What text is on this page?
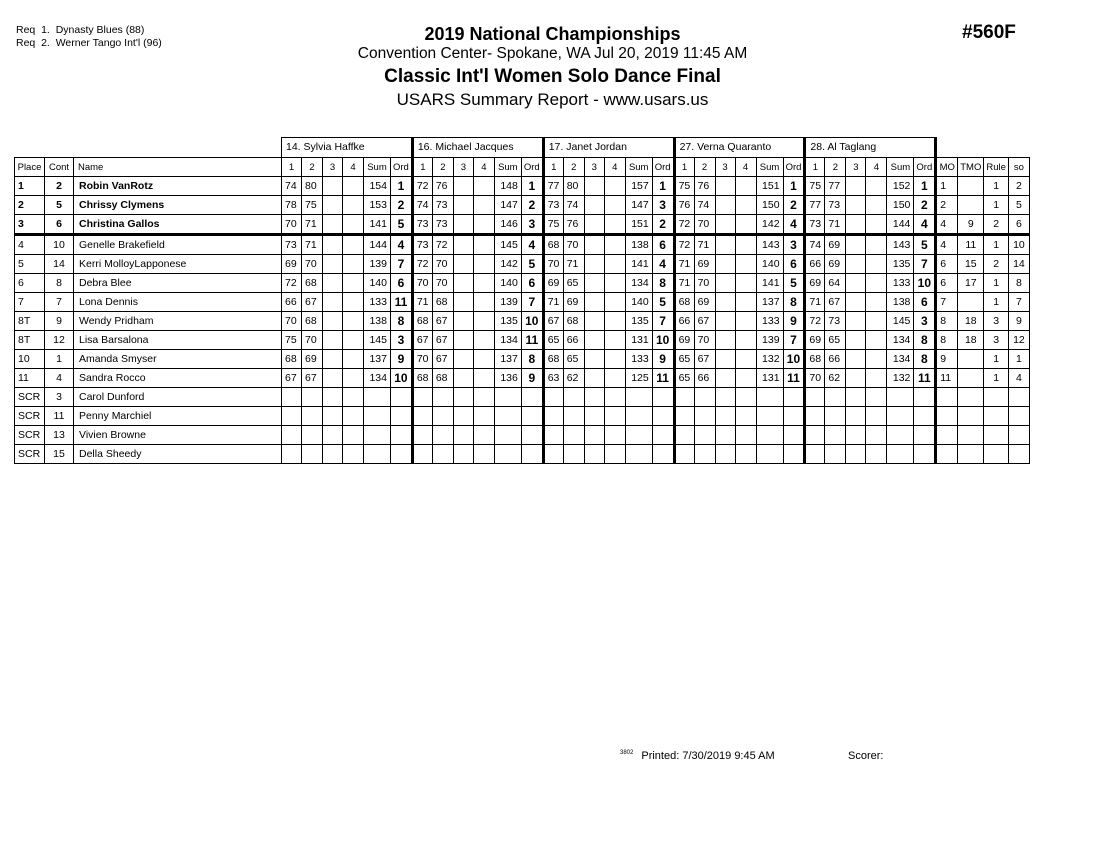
Req  1.  Dynasty Blues (88)
Req  2.  Werner Tango Int'l (96)	#560F
2019 National Championships
Convention Center- Spokane, WA Jul 20, 2019 11:45 AM
Classic Int'l Women Solo Dance Final
USARS Summary Report - www.usars.us
			14. Sylvia Haffke						16. Michael Jacques						17. Janet Jordan						27. Verna Quaranto						28. Al Taglang									
Place	Cont	Name	1	2	3	4	Sum	Ord	1	2	3	4	Sum	Ord	1	2	3	4	Sum	Ord	1	2	3	4	Sum	Ord	1	2	3	4	Sum	Ord	MO	TMO	Rule	so
1	2	Robin VanRotz	74	80			154	1	72	76			148	1	77	80			157	1	75	76			151	1	75	77			152	1	1		1	2
2	5	Chrissy Clymens	78	75			153	2	74	73			147	2	73	74			147	3	76	74			150	2	77	73			150	2	2		1	5
3	6	Christina Gallos	70	71			141	5	73	73			146	3	75	76			151	2	72	70			142	4	73	71			144	4	4	9	2	6
4	10	Genelle Brakefield	73	71			144	4	73	72			145	4	68	70			138	6	72	71			143	3	74	69			143	5	4	11	1	10
5	14	Kerri MolloyLapponese	69	70			139	7	72	70			142	5	70	71			141	4	71	69			140	6	66	69			135	7	6	15	2	14
6	8	Debra Blee	72	68			140	6	70	70			140	6	69	65			134	8	71	70			141	5	69	64			133	10	6	17	1	8
7	7	Lona Dennis	66	67			133	11	71	68			139	7	71	69			140	5	68	69			137	8	71	67			138	6	7		1	7
8T	9	Wendy Pridham	70	68			138	8	68	67			135	10	67	68			135	7	66	67			133	9	72	73			145	3	8	18	3	9
8T	12	Lisa Barsalona	75	70			145	3	67	67			134	11	65	66			131	10	69	70			139	7	69	65			134	8	8	18	3	12
10	1	Amanda Smyser	68	69			137	9	70	67			137	8	68	65			133	9	65	67			132	10	68	66			134	8	9		1	1
11	4	Sandra Rocco	67	67			134	10	68	68			136	9	63	62			125	11	65	66			131	11	70	62			132	11	11		1	4
SCR	3	Carol Dunford																																		
SCR	11	Penny Marchiel																																		
SCR	13	Vivien Browne																																		
SCR	15	Della Sheedy																																		
$^{3802}$ Printed: 7/30/2019 9:45 AM	Scorer:
